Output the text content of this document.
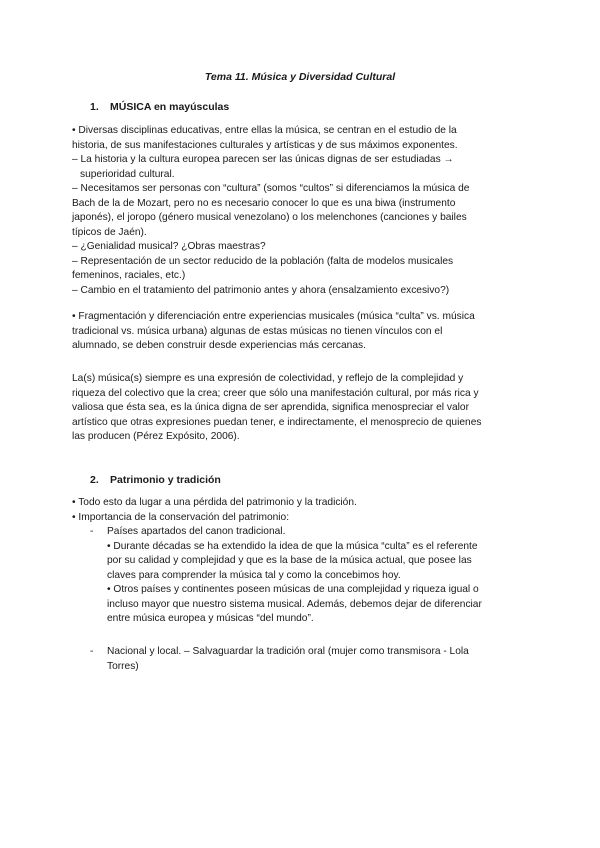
Tema 11. Música y Diversidad Cultural
1. MÚSICA en mayúsculas

• Diversas disciplinas educativas, entre ellas la música, se centran en el estudio de la

historia, de sus manifestaciones culturales y artísticas y de sus máximos exponentes.

– La historia y la cultura europea parecen ser las únicas dignas de ser estudiadas →

superioridad cultural.

– Necesitamos ser personas con “cultura” (somos “cultos” si diferenciamos la música de

Bach de la de Mozart, pero no es necesario conocer lo que es una biwa (instrumento

japonés), el joropo (género musical venezolano) o los melenchones (canciones y bailes

típicos de Jaén).

– ¿Genialidad musical? ¿Obras maestras?

– Representación de un sector reducido de la población (falta de modelos musicales

femeninos, raciales, etc.)

– Cambio en el tratamiento del patrimonio antes y ahora (ensalzamiento excesivo?)

• Fragmentación y diferenciación entre experiencias musicales (música “culta” vs. música

tradicional vs. música urbana) algunas de estas músicas no tienen vínculos con el

alumnado, se deben construir desde experiencias más cercanas.

La(s) música(s) siempre es una expresión de colectividad, y reflejo de la complejidad y

riqueza del colectivo que la crea; creer que sólo una manifestación cultural, por más rica y

valiosa que ésta sea, es la única digna de ser aprendida, significa menospreciar el valor

artístico que otras expresiones puedan tener, e indirectamente, el menosprecio de quienes

las producen (Pérez Expósito, 2006).

2. Patrimonio y tradición

• Todo esto da lugar a una pérdida del patrimonio y la tradición.

• Importancia de la conservación del patrimonio:

- Países apartados del canon tradicional.

• Durante décadas se ha extendido la idea de que la música “culta” es el referente

por su calidad y complejidad y que es la base de la música actual, que posee las

claves para comprender la música tal y como la concebimos hoy.

• Otros países y continentes poseen músicas de una complejidad y riqueza igual o

incluso mayor que nuestro sistema musical. Además, debemos dejar de diferenciar

entre música europea y músicas “del mundo”.

- Nacional y local. – Salvaguardar la tradición oral (mujer como transmisora - Lola

Torres)
